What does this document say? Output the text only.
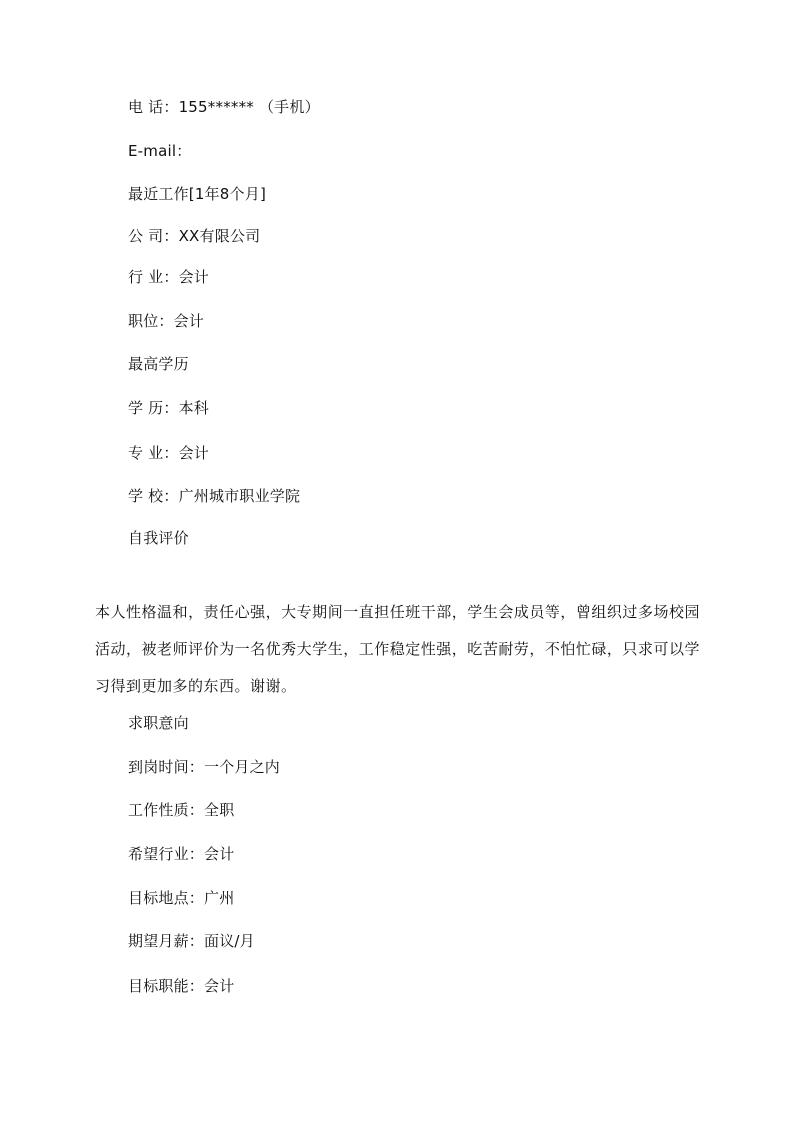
电 话：155****** （手机）
E-mail：
最近工作[1年8个月]
公 司：XX有限公司
行 业：会计
职位：会计
最高学历
学 历：本科
专 业：会计
学 校：广州城市职业学院
自我评价
本人性格温和，责任心强，大专期间一直担任班干部，学生会成员等，曾组织过多场校园活动，被老师评价为一名优秀大学生，工作稳定性强，吃苦耐劳，不怕忙碌，只求可以学习得到更加多的东西。谢谢。
求职意向
到岗时间：一个月之内
工作性质：全职
希望行业：会计
目标地点：广州
期望月薪：面议/月
目标职能：会计
